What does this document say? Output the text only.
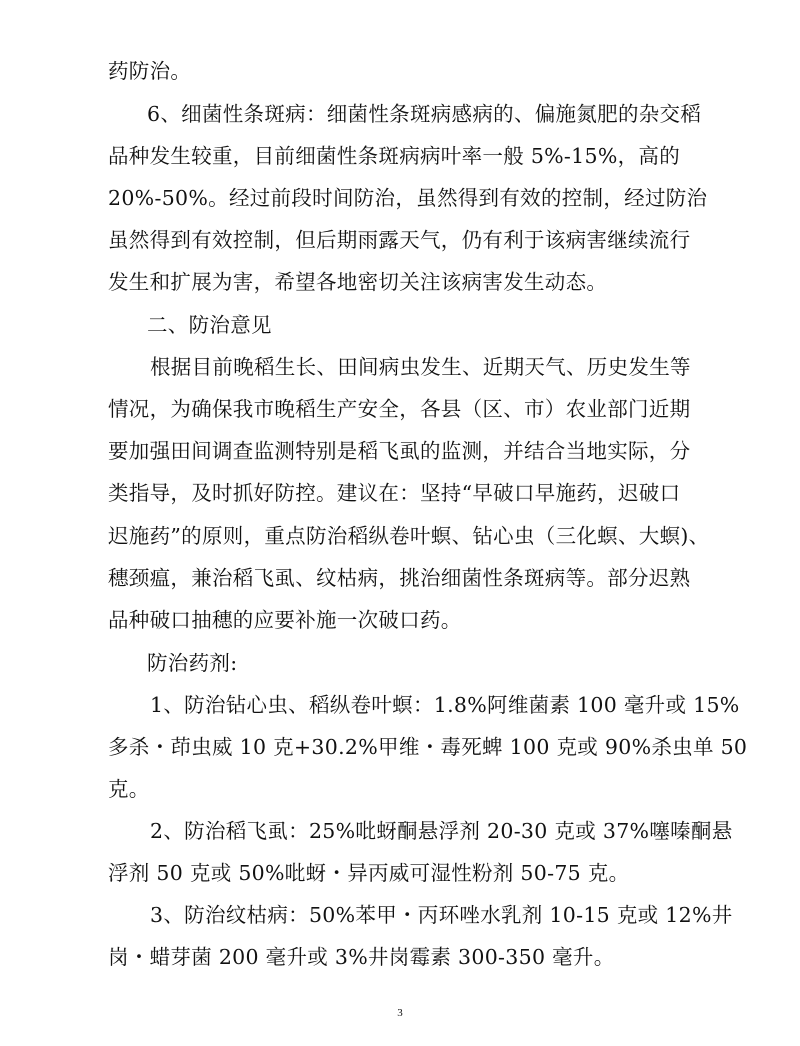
药防治。
6、细菌性条斑病：细菌性条斑病感病的、偏施氮肥的杂交稻
品种发生较重，目前细菌性条斑病病叶率一般 5%-15%，高的
20%-50%。经过前段时间防治，虽然得到有效的控制，经过防治
虽然得到有效控制，但后期雨露天气，仍有利于该病害继续流行
发生和扩展为害，希望各地密切关注该病害发生动态。
二、防治意见
根据目前晚稻生长、田间病虫发生、近期天气、历史发生等
情况，为确保我市晚稻生产安全，各县（区、市）农业部门近期
要加强田间调查监测特别是稻飞虱的监测，并结合当地实际，分
类指导，及时抓好防控。建议在：坚持“早破口早施药，迟破口
迟施药”的原则，重点防治稻纵卷叶螟、钻心虫（三化螟、大螟)、
穗颈瘟，兼治稻飞虱、纹枯病，挑治细菌性条斑病等。部分迟熟
品种破口抽穗的应要补施一次破口药。
防治药剂:
1、防治钻心虫、稻纵卷叶螟：1.8%阿维菌素 100 毫升或 15%
多杀・茚虫威 10 克+30.2%甲维・毒死蜱 100 克或 90%杀虫单 50
克。
2、防治稻飞虱：25%吡蚜酮悬浮剂 20-30 克或 37%噻嗪酮悬
浮剂 50 克或 50%吡蚜・异丙威可湿性粉剂 50-75 克。
3、防治纹枯病：50%苯甲・丙环唑水乳剂 10-15 克或 12%井
岗・蜡芽菌 200 毫升或 3%井岗霉素 300-350 毫升。
3
